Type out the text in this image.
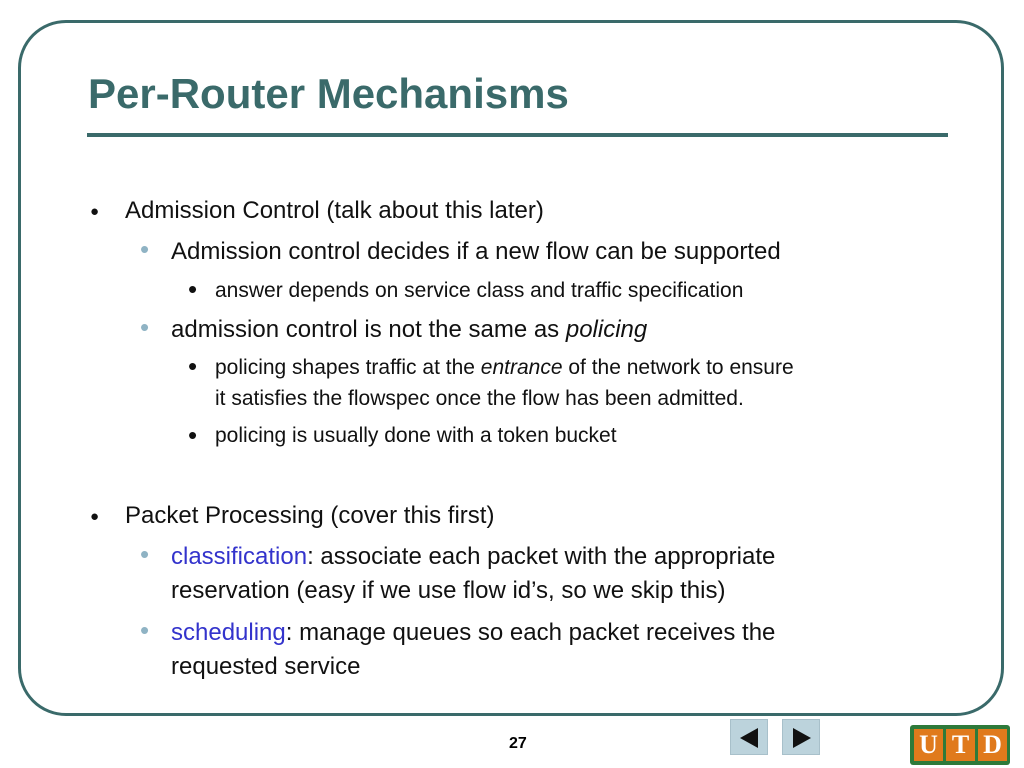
Per-Router Mechanisms
● Admission Control (talk about this later)
• Admission control decides if a new flow can be supported
• answer depends on service class and traffic specification
• admission control is not the same as policing
• policing shapes traffic at the entrance of the network to ensure
it satisfies the flowspec once the flow has been admitted.
• policing is usually done with a token bucket
● Packet Processing (cover this first)
• classification: associate each packet with the appropriate
reservation (easy if we use flow id’s, so we skip this)
• scheduling: manage queues so each packet receives the
requested service
27	U T D
